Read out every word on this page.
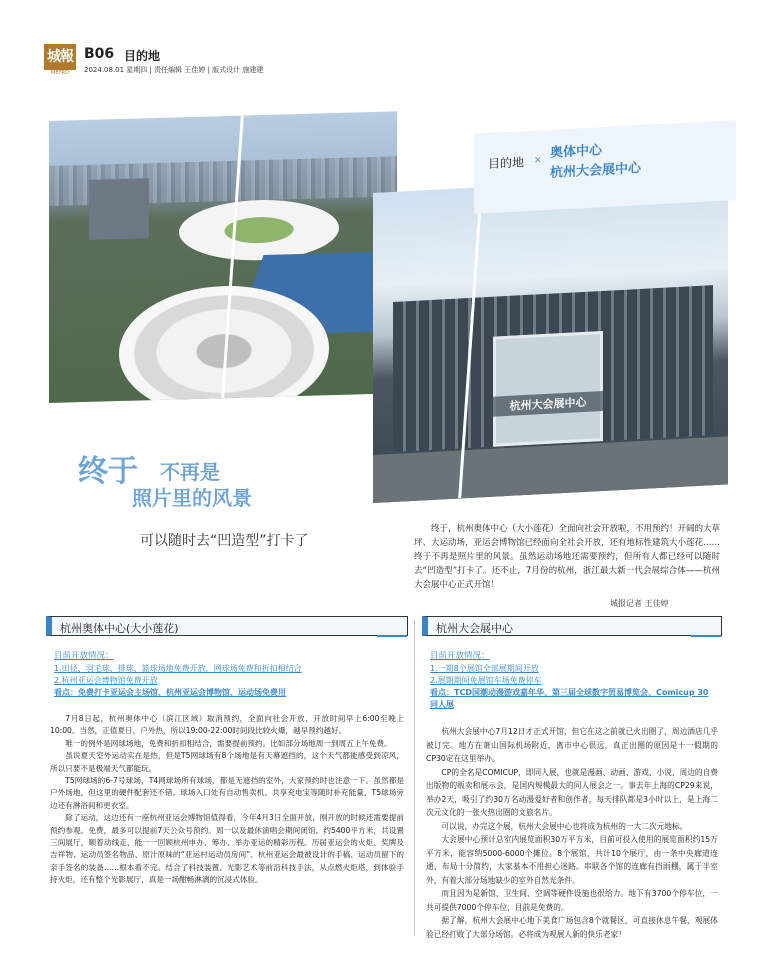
城報
METRO
B06 目的地
2024.08.01 星期四 | 责任编辑 王佳婷 | 版式设计 施建建
杭州大会展中心
目的地 × 奥体中心
杭州大会展中心
终于 不再是
照片里的风景
可以随时去“凹造型”打卡了

终于，杭州奥体中心（大小莲花）全面向社会开放啦，不用预约！开阔的大草坪、大运动场，亚运会博物馆已经面向全社会开放，还有地标性建筑大小莲花……终于不再是照片里的风景。虽然运动场地还需要预约，但所有人都已经可以随时去“凹造型”打卡了。还不止，7月份的杭州，浙江最大新一代会展综合体——杭州大会展中心正式开馆！

城报记者 王佳婷
杭州奥体中心(大小莲花)
目前开放情况：
1.田径、羽毛球、排球、篮球场地免费开放，网球场免费和折扣相结合
2.杭州亚运会博物馆免费开放
看点：免费打卡亚运会主场馆、杭州亚运会博物馆、运动场免费用

7月8日起，杭州奥体中心（滨江区域）取消预约，全面向社会开放，开放时间早上6:00至晚上10:00。当然，正值夏日，户外热，所以19:00-22:00时间段比较火爆，越早预约越好。

唯一的例外是网球场地，免费和折扣相结合，需要提前预约。比如部分场地周一到周五上午免费。

虽说夏天室外运动实在是热，但是T5网球场有8个场地是有天幕遮挡的，这个天气都能感受到凉风，所以只要不是极端天气都能玩。

T5网球场的6-7号球场，T4网球场所有球场，都是无遮挡的室外，大家预约时也注意一下。虽然都是户外场地，但这里的硬件配套还不错。球场入口处有自动售卖机、共享充电宝等随时补充能量，T5球场旁边还有淋浴间和更衣室。

除了运动，这边还有一座杭州亚运会博物馆值得看，今年4月3日全面开放，刚开放的时候还需要提前预约参观。免费，最多可以提前7天公众号预约。周一以及最休演唱会期间闭馆。约5400平方米，共设置三间展厅，顺着动线走，能一一回顾杭州申办、筹办、举办亚运的精彩历程。历届亚运会的火炬、奖牌及吉祥物、运动员签名物品、原汁原味的“亚运村运动员房间”、杭州亚运会最被设计的手稿、运动员留下的亲手签名的装备……根本看不完。结合了科技装置、光影艺术等前沿科技手法，从点燃火炬塔，到体验手持火炬，还有整个光影展厅，真是一场酣畅淋漓的沉浸式体验。

杭州大会展中心
目前开放情况：
1.一期8个展馆全部展期间开放
2.展期期间免展馆车场免费停车
看点：TCD国潮动漫游戏嘉年华、第三届全球数字贸易博览会、Comicup 30同人展

杭州大会展中心7月12日才正式开馆，但它在这之前就已火出圈了，周边酒店几乎被订完。地方在萧山国际机场附近，离市中心很远，真正出圈的原因是十一假期的CP30定在这里举办。

CP的全名是COMICUP，即同人展，也就是漫画、动画、游戏、小说、周边的自费出版物的贩卖和展示会，是国内规模最大的同人展会之一。事去年上海的CP29来说，举办2天，吸引了约30万名动漫爱好者和创作者，每天排队都是3小时以上，是上海二次元文化的一张火热出圈的文旅名片。

可以说，办完这个展，杭州大会展中心也将成为杭州的一大二次元地标。

大会展中心预计总室内展览面积30万平方米，目前可投入使用的展览面积约15万平方米，能容纳5000-6000个摊位。8个展馆，共计10个展厅，由一条中央廊道连通，布局十分简约，大家基本不用担心迷路。串联各个馆的连廊有挡雨棚，属于半室外，有着大部分场地缺少的室外自然光条件。

而且因为是新馆，卫生间、空调等硬件设施也很给力。地下有3700个停车位，一共可提供7000个停车位，目前是免费的。

据了解，杭州大会展中心地下美食广场包含8个就餐区，可直接休息午餐，观展体验已经打败了大部分场馆。必将成为观展人新的快乐老家！
